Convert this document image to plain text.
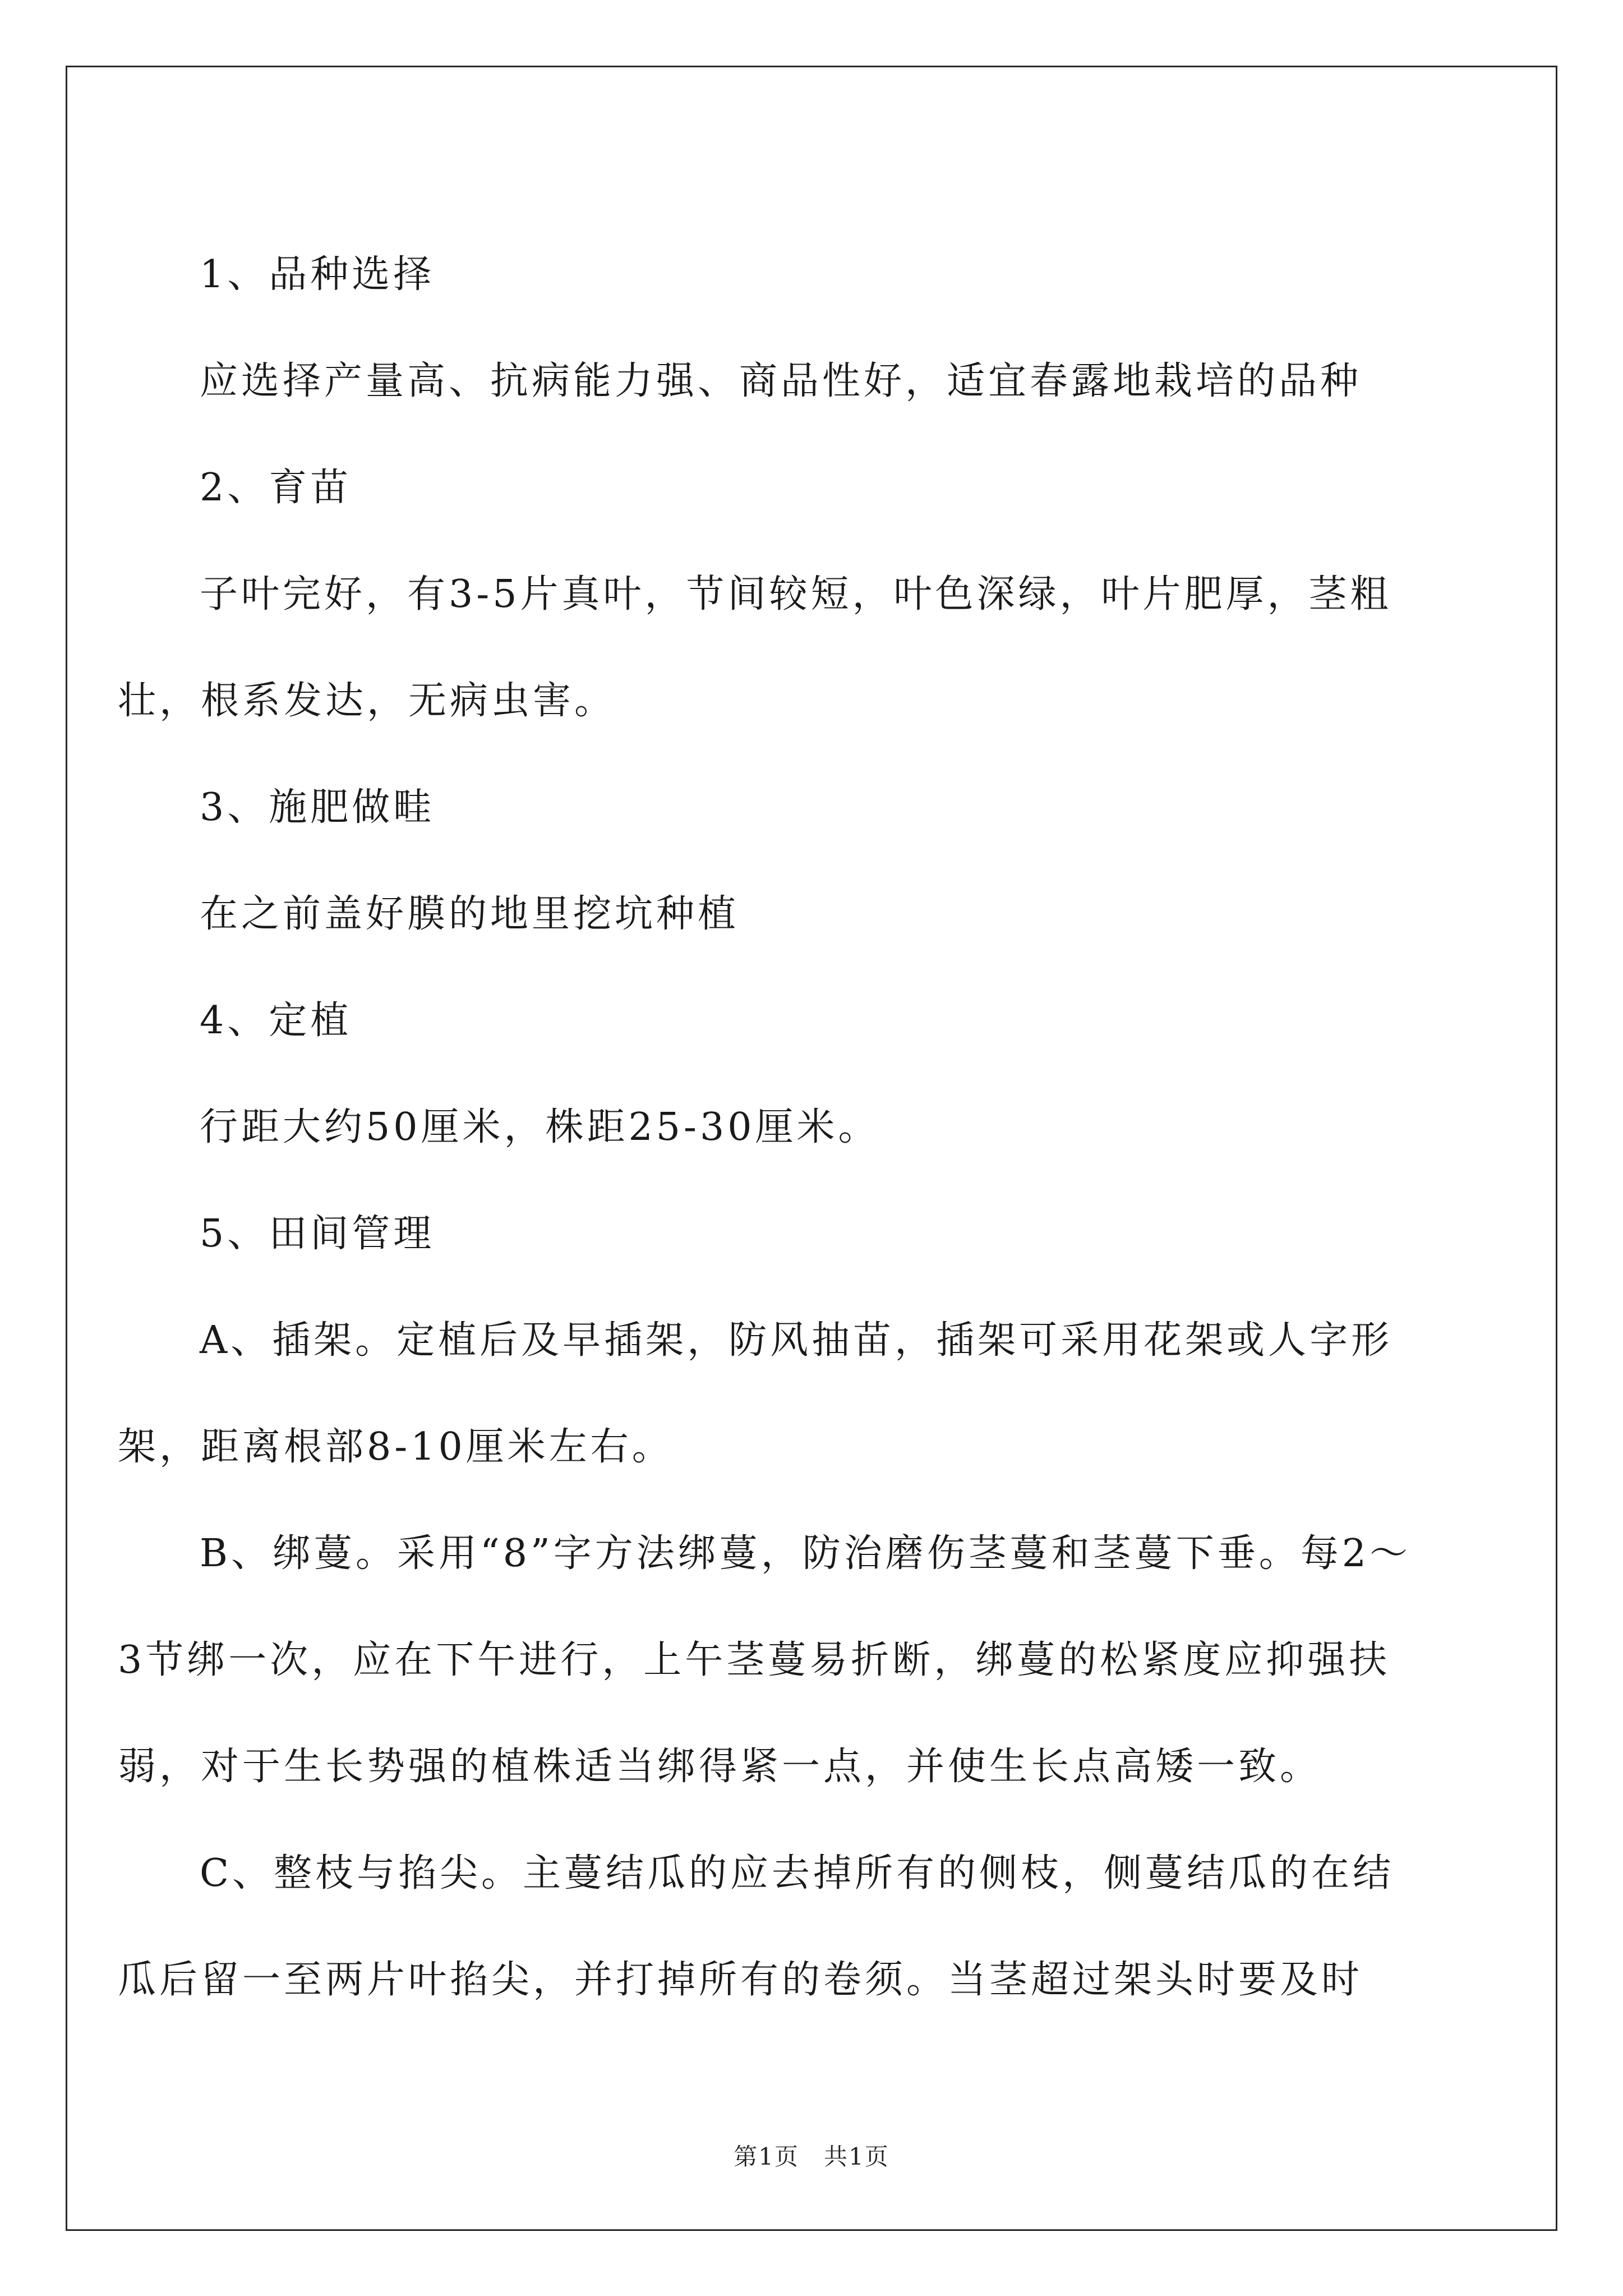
1、品种选择

应选择产量高、抗病能力强、商品性好，适宜春露地栽培的品种

2、育苗

子叶完好，有3-5片真叶，节间较短，叶色深绿，叶片肥厚，茎粗壮，根系发达，无病虫害。

3、施肥做畦

在之前盖好膜的地里挖坑种植

4、定植

行距大约50厘米，株距25-30厘米。

5、田间管理

A、插架。定植后及早插架，防风抽苗，插架可采用花架或人字形架，距离根部8-10厘米左右。

B、绑蔓。采用“8”字方法绑蔓，防治磨伤茎蔓和茎蔓下垂。每2～3节绑一次，应在下午进行，上午茎蔓易折断，绑蔓的松紧度应抑强扶弱，对于生长势强的植株适当绑得紧一点，并使生长点高矮一致。

C、整枝与掐尖。主蔓结瓜的应去掉所有的侧枝，侧蔓结瓜的在结瓜后留一至两片叶掐尖，并打掉所有的卷须。当茎超过架头时要及时

第1页 共1页
